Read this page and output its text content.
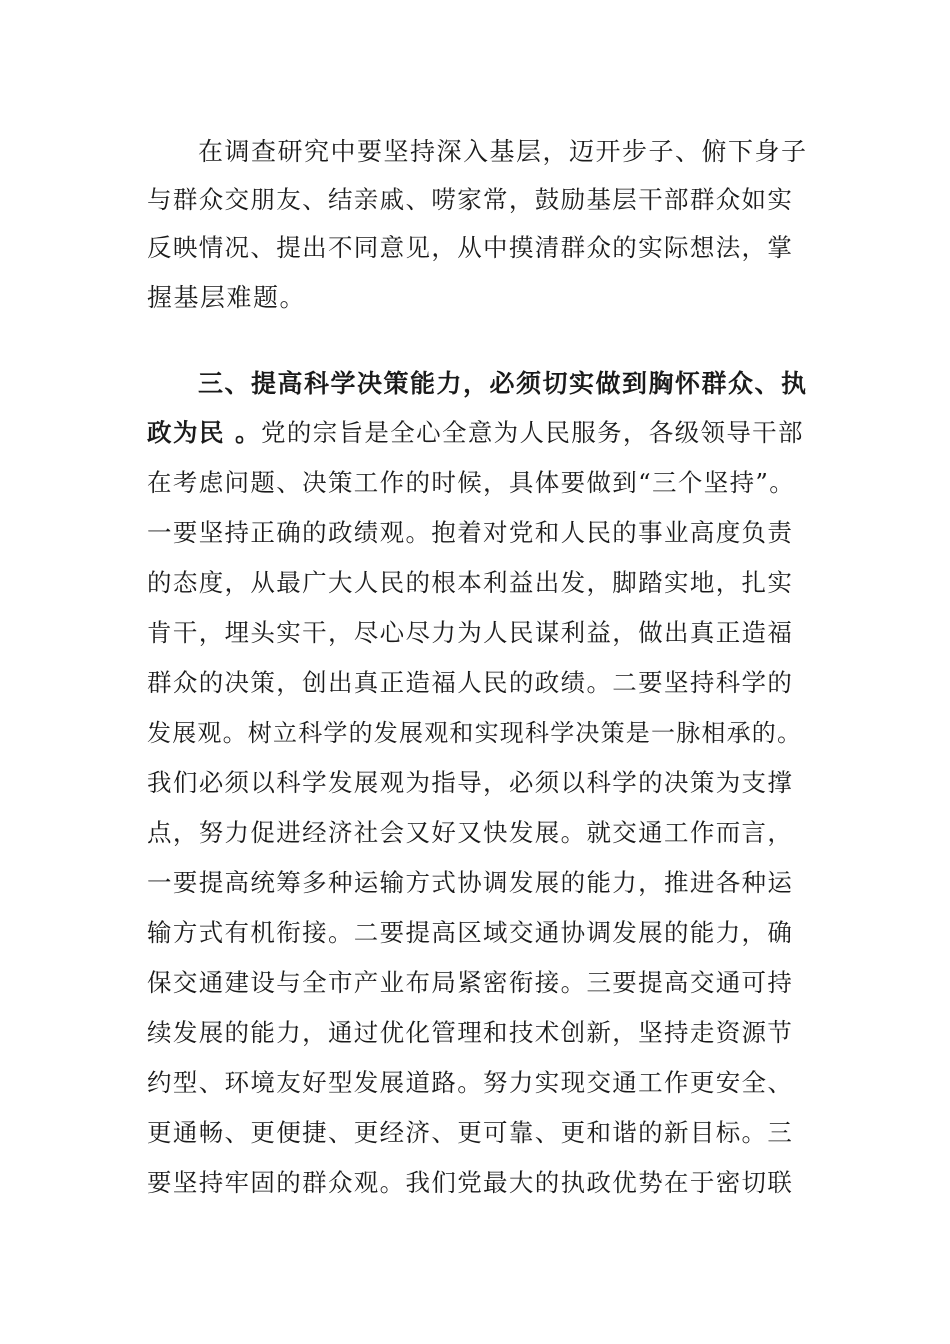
在调查研究中要坚持深入基层，迈开步子、俯下身子
与群众交朋友、结亲戚、唠家常，鼓励基层干部群众如实
反映情况、提出不同意见，从中摸清群众的实际想法，掌
握基层难题。
三、提高科学决策能力，必须切实做到胸怀群众、执
政为民 。党的宗旨是全心全意为人民服务，各级领导干部
在考虑问题、决策工作的时候，具体要做到“三个坚持”。
一要坚持正确的政绩观。抱着对党和人民的事业高度负责
的态度，从最广大人民的根本利益出发，脚踏实地，扎实
肯干，埋头实干，尽心尽力为人民谋利益，做出真正造福
群众的决策，创出真正造福人民的政绩。二要坚持科学的
发展观。树立科学的发展观和实现科学决策是一脉相承的。
我们必须以科学发展观为指导，必须以科学的决策为支撑
点，努力促进经济社会又好又快发展。就交通工作而言，
一要提高统筹多种运输方式协调发展的能力，推进各种运
输方式有机衔接。二要提高区域交通协调发展的能力，确
保交通建设与全市产业布局紧密衔接。三要提高交通可持
续发展的能力，通过优化管理和技术创新，坚持走资源节
约型、环境友好型发展道路。努力实现交通工作更安全、
更通畅、更便捷、更经济、更可靠、更和谐的新目标。三
要坚持牢固的群众观。我们党最大的执政优势在于密切联
